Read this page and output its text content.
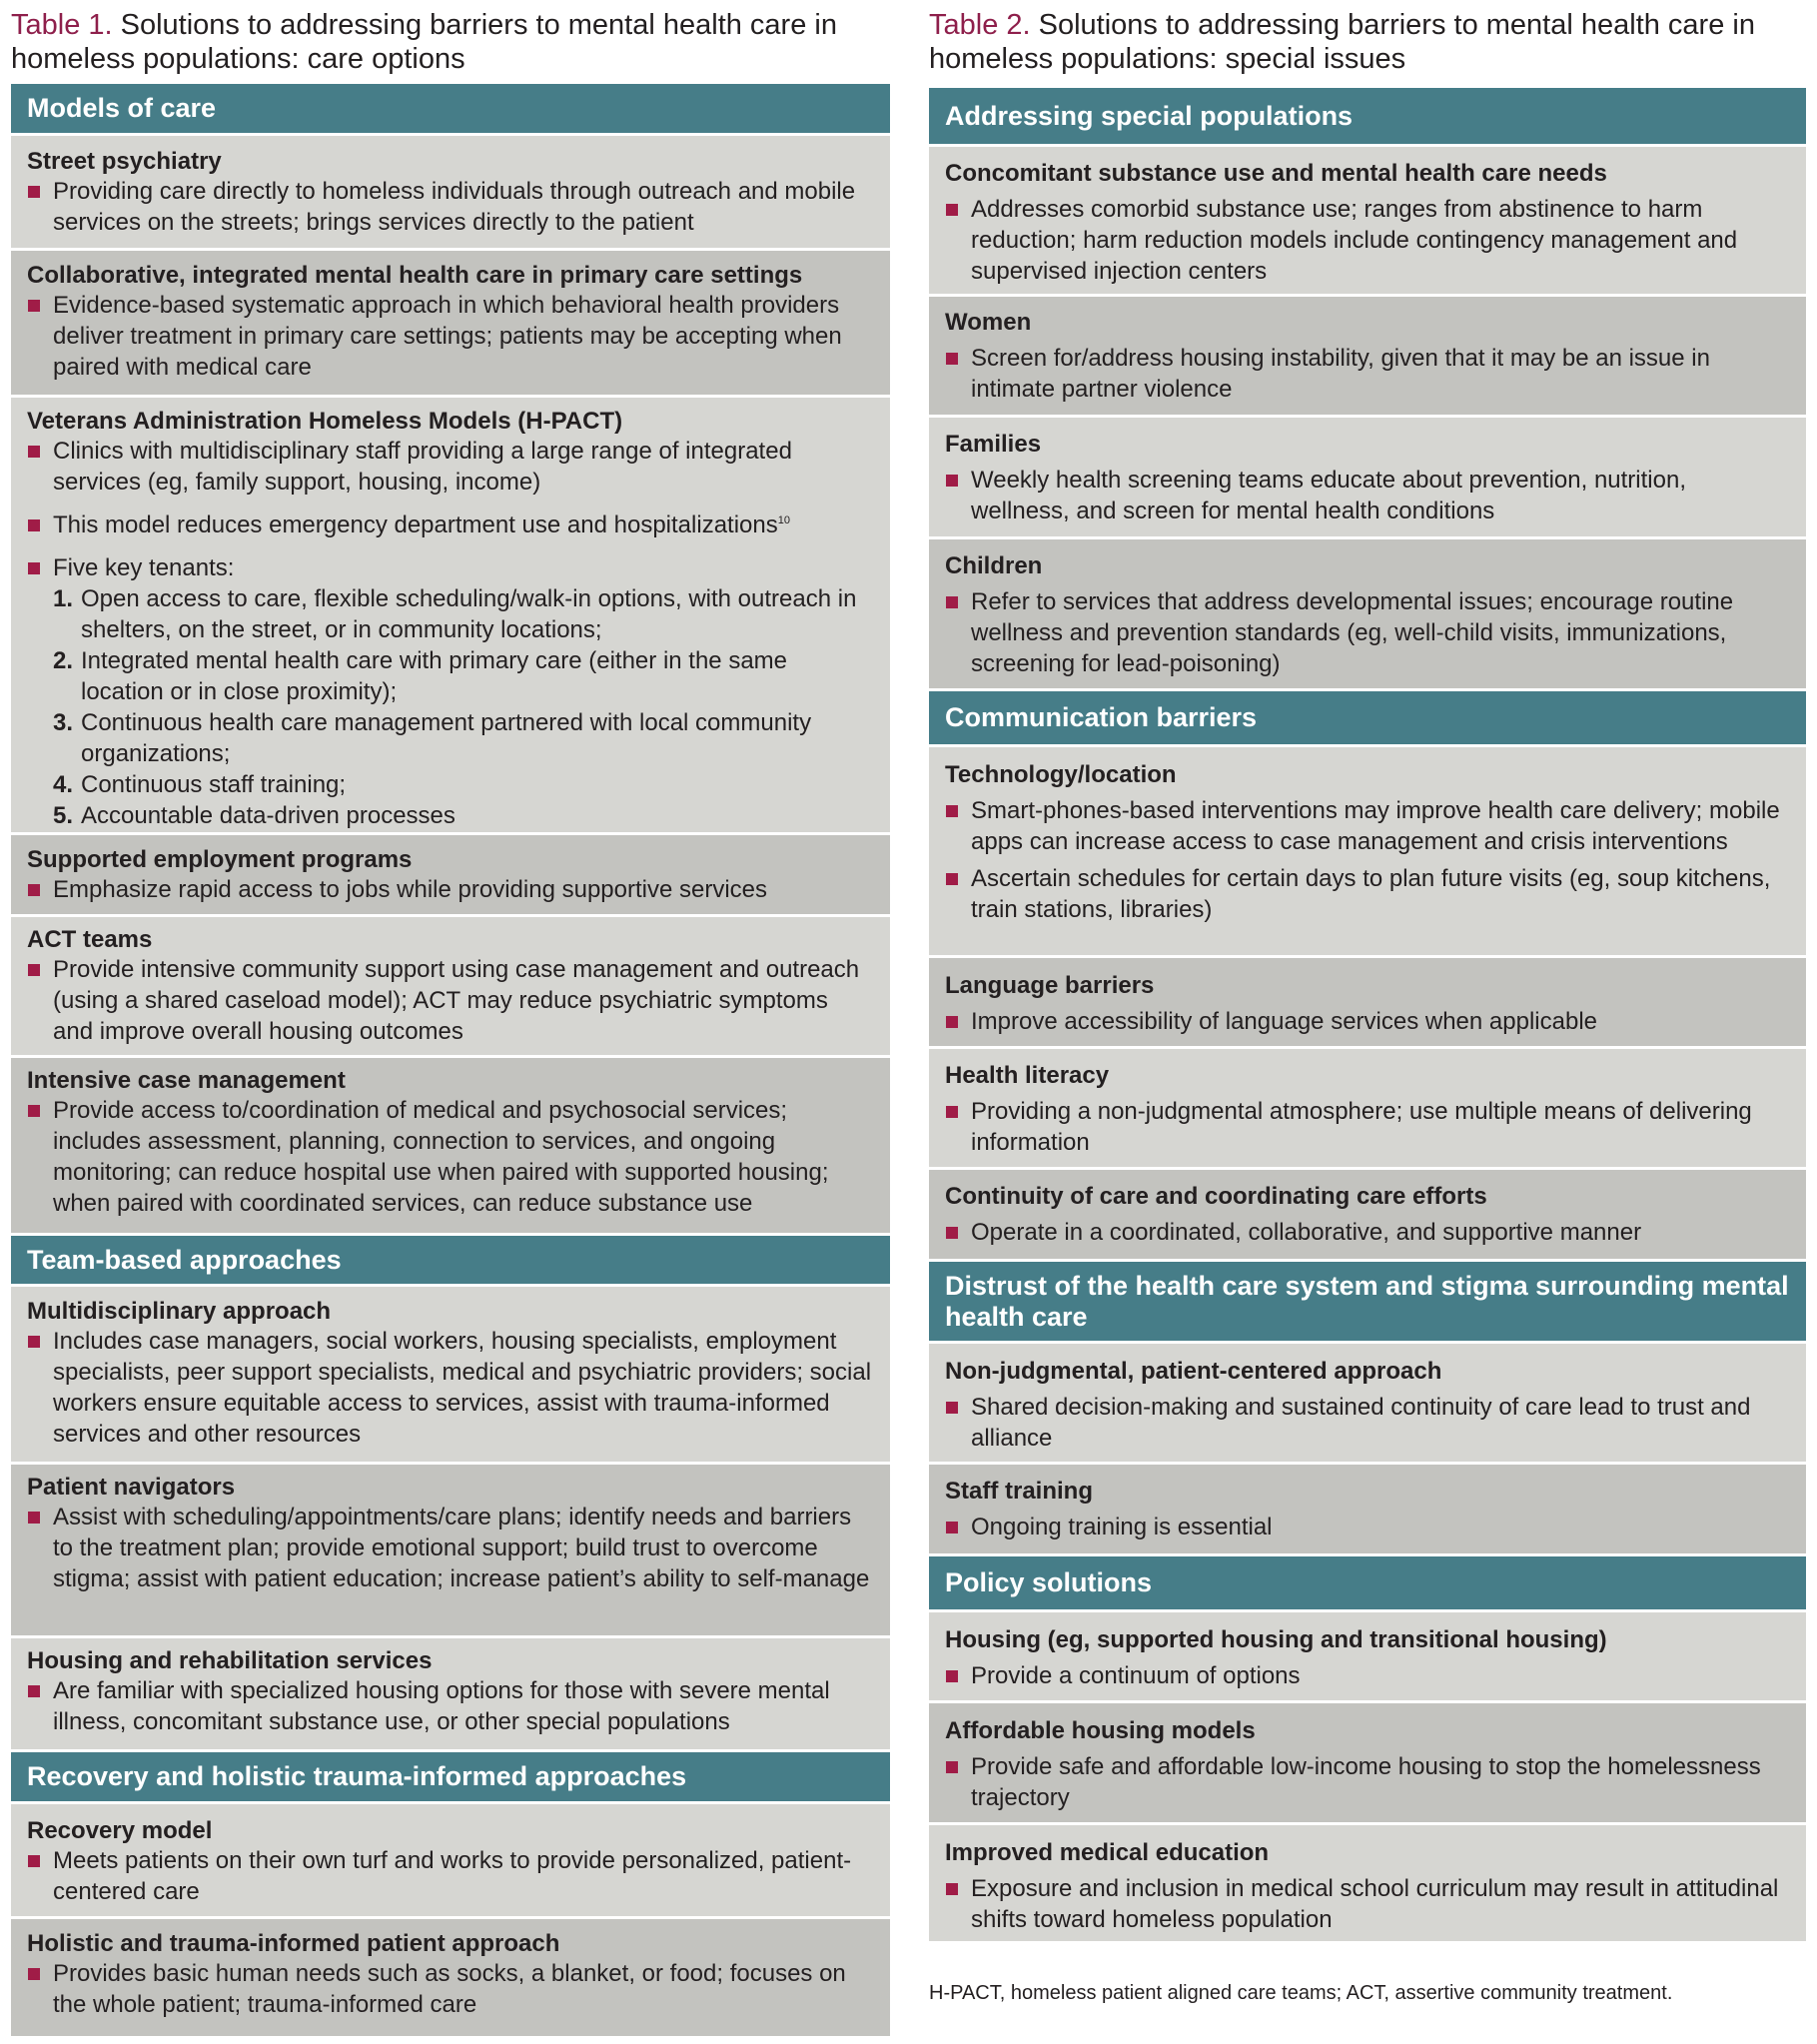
Table 1. Solutions to addressing barriers to mental health care in homeless populations: care options
Models of care
Street psychiatry
Providing care directly to homeless individuals through outreach and mobile services on the streets; brings services directly to the patient
Collaborative, integrated mental health care in primary care settings
Evidence-based systematic approach in which behavioral health providers deliver treatment in primary care settings; patients may be accepting when paired with medical care
Veterans Administration Homeless Models (H-PACT)
Clinics with multidisciplinary staff providing a large range of integrated services (eg, family support, housing, income)
This model reduces emergency department use and hospitalizations$^{10}$
Five key tenants:
1. Open access to care, flexible scheduling/walk-in options, with outreach in shelters, on the street, or in community locations;
2. Integrated mental health care with primary care (either in the same location or in close proximity);
3. Continuous health care management partnered with local community organizations;
4. Continuous staff training;
5. Accountable data-driven processes
Supported employment programs
Emphasize rapid access to jobs while providing supportive services
ACT teams
Provide intensive community support using case management and outreach (using a shared caseload model); ACT may reduce psychiatric symptoms and improve overall housing outcomes
Intensive case management
Provide access to/coordination of medical and psychosocial services; includes assessment, planning, connection to services, and ongoing monitoring; can reduce hospital use when paired with supported housing; when paired with coordinated services, can reduce substance use
Team-based approaches
Multidisciplinary approach
Includes case managers, social workers, housing specialists, employment specialists, peer support specialists, medical and psychiatric providers; social workers ensure equitable access to services, assist with trauma-informed services and other resources
Patient navigators
Assist with scheduling/appointments/care plans; identify needs and barriers to the treatment plan; provide emotional support; build trust to overcome stigma; assist with patient education; increase patient’s ability to self-manage
Housing and rehabilitation services
Are familiar with specialized housing options for those with severe mental illness, concomitant substance use, or other special populations
Recovery and holistic trauma-informed approaches
Recovery model
Meets patients on their own turf and works to provide personalized, patient-centered care
Holistic and trauma-informed patient approach
Provides basic human needs such as socks, a blanket, or food; focuses on the whole patient; trauma-informed care
Table 2. Solutions to addressing barriers to mental health care in homeless populations: special issues
Addressing special populations
Concomitant substance use and mental health care needs
Addresses comorbid substance use; ranges from abstinence to harm reduction; harm reduction models include contingency management and supervised injection centers
Women
Screen for/address housing instability, given that it may be an issue in intimate partner violence
Families
Weekly health screening teams educate about prevention, nutrition, wellness, and screen for mental health conditions
Children
Refer to services that address developmental issues; encourage routine wellness and prevention standards (eg, well-child visits, immunizations, screening for lead-poisoning)
Communication barriers
Technology/location
Smart-phones-based interventions may improve health care delivery; mobile apps can increase access to case management and crisis interventions
Ascertain schedules for certain days to plan future visits (eg, soup kitchens, train stations, libraries)
Language barriers
Improve accessibility of language services when applicable
Health literacy
Providing a non-judgmental atmosphere; use multiple means of delivering information
Continuity of care and coordinating care efforts
Operate in a coordinated, collaborative, and supportive manner
Distrust of the health care system and stigma surrounding mental health care
Non-judgmental, patient-centered approach
Shared decision-making and sustained continuity of care lead to trust and alliance
Staff training
Ongoing training is essential
Policy solutions
Housing (eg, supported housing and transitional housing)
Provide a continuum of options
Affordable housing models
Provide safe and affordable low-income housing to stop the homelessness trajectory
Improved medical education
Exposure and inclusion in medical school curriculum may result in attitudinal shifts toward homeless population
H-PACT, homeless patient aligned care teams; ACT, assertive community treatment.
